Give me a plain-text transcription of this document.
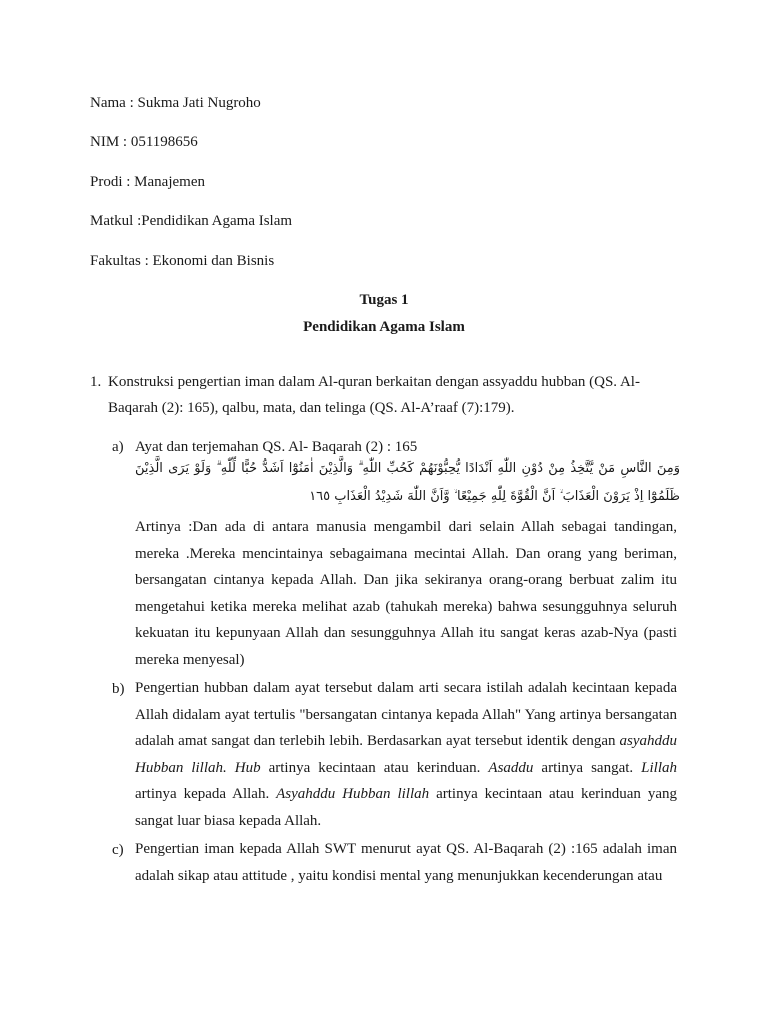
Nama : Sukma Jati Nugroho
NIM : 051198656
Prodi : Manajemen
Matkul :Pendidikan Agama Islam
Fakultas : Ekonomi dan Bisnis
Tugas 1
Pendidikan Agama Islam
1. Konstruksi pengertian iman dalam Al-quran berkaitan dengan assyaddu hubban (QS. Al-Baqarah (2): 165), qalbu, mata, dan telinga (QS. Al-A’raaf (7):179).
a) Ayat dan terjemahan QS. Al- Baqarah (2) : 165
وَمِنَ النَّاسِ مَنْ يَّتَّخِذُ مِنْ دُوْنِ اللّٰهِ اَنْدَادًا يُّحِبُّوْنَهُمْ كَحُبِّ اللّٰهِ ۗ وَالَّذِيْنَ اٰمَنُوْٓا اَشَدُّ حُبًّا لِّلّٰهِ ۗ وَلَوْ يَرَى الَّذِيْنَ ظَلَمُوْٓا اِذْ يَرَوْنَ الْعَذَابَ ۙ اَنَّ الْقُوَّةَ لِلّٰهِ جَمِيْعًا ۙ وَّاَنَّ اللّٰهَ شَدِيْدُ الْعَذَابِ ١٦٥
Artinya :Dan ada di antara manusia mengambil dari selain Allah sebagai tandingan, mereka .Mereka mencintainya sebagaimana mecintai Allah. Dan orang yang beriman, bersangatan cintanya kepada Allah. Dan jika sekiranya orang-orang berbuat zalim itu mengetahui ketika mereka melihat azab (tahukah mereka) bahwa sesungguhnya seluruh kekuatan itu kepunyaan Allah dan sesungguhnya Allah itu sangat keras azab-Nya (pasti mereka menyesal)
b) Pengertian hubban dalam ayat tersebut dalam arti secara istilah adalah kecintaan kepada Allah didalam ayat tertulis "bersangatan cintanya kepada Allah" Yang artinya bersangatan adalah amat sangat dan terlebih lebih. Berdasarkan ayat tersebut identik dengan asyahddu Hubban lillah. Hub artinya kecintaan atau kerinduan. Asaddu artinya sangat. Lillah artinya kepada Allah. Asyahddu Hubban lillah artinya kecintaan atau kerinduan yang sangat luar biasa kepada Allah.
c) Pengertian iman kepada Allah SWT menurut ayat QS. Al-Baqarah (2) :165 adalah iman adalah sikap atau attitude , yaitu kondisi mental yang menunjukkan kecenderungan atau
